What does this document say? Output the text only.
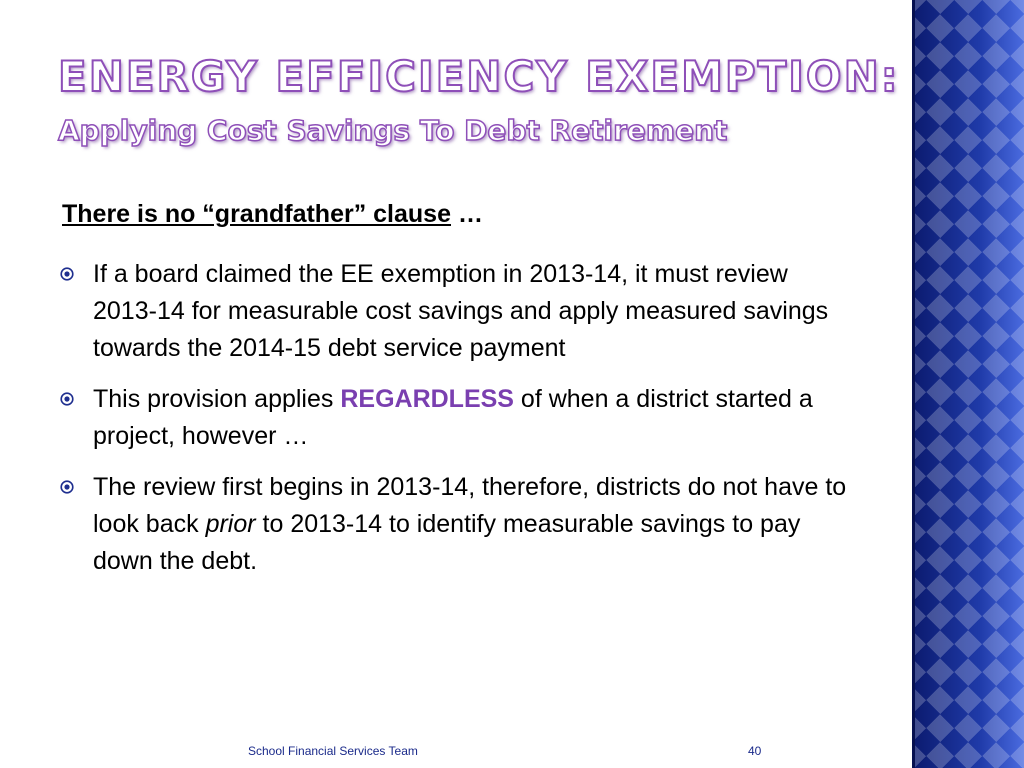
ENERGY EFFICIENCY EXEMPTION:
Applying Cost Savings To Debt Retirement
There is no “grandfather” clause …
If a board claimed the EE exemption in 2013-14, it must review 2013-14 for measurable cost savings and apply measured savings towards the 2014-15 debt service payment
This provision applies REGARDLESS of when a district started a project, however …
The review first begins in 2013-14, therefore, districts do not have to look back prior to 2013-14 to identify measurable savings to pay down the debt.
School Financial Services Team	40
